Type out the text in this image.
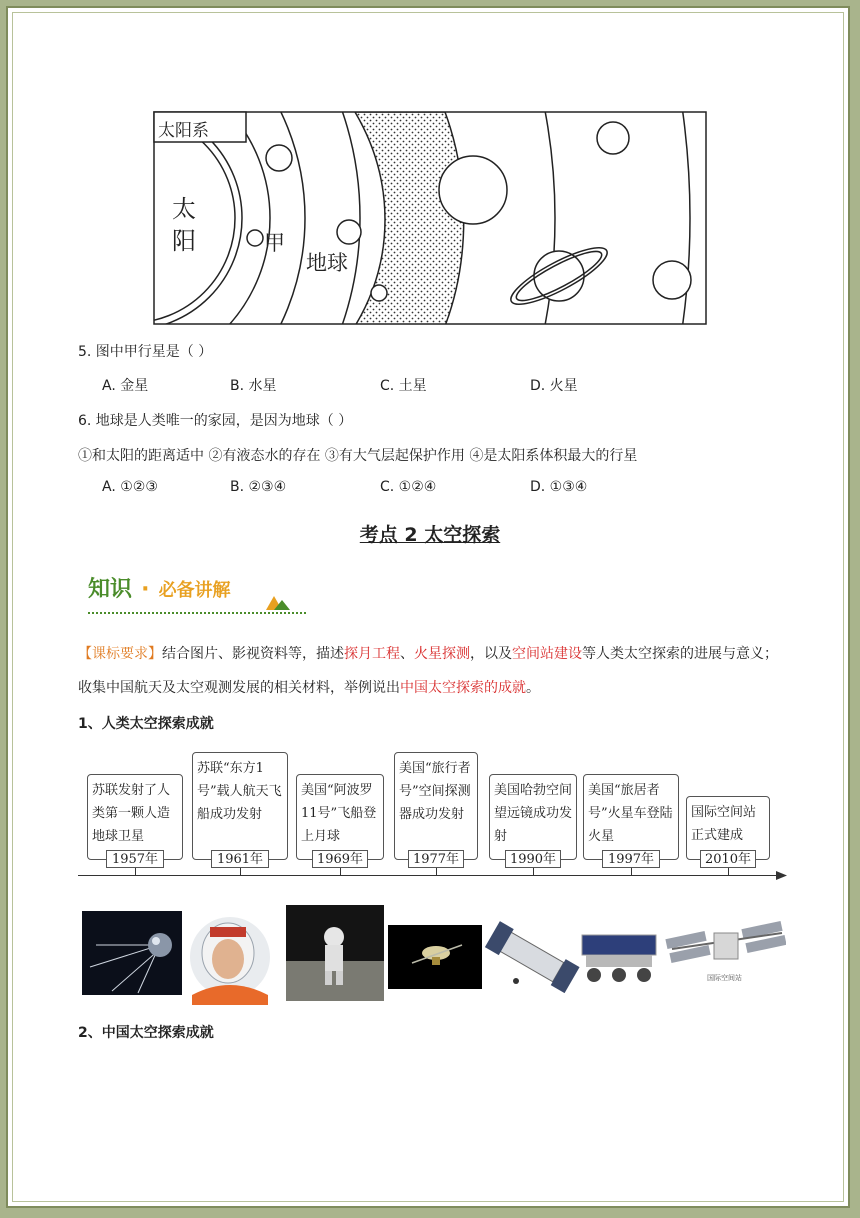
太阳系
太阳	甲
地球
5. 图中甲行星是（ ）
A. 金星	B. 水星	C. 土星	D. 火星
6. 地球是人类唯一的家园，是因为地球（ ）
①和太阳的距离适中 ②有液态水的存在 ③有大气层起保护作用 ④是太阳系体积最大的行星
A. ①②③	B. ②③④	C. ①②④	D. ①③④
考点 2 太空探索
知识 · 必备讲解
【课标要求】结合图片、影视资料等，描述探月工程、火星探测，以及空间站建设等人类太空探索的进展与意义；收集中国航天及太空观测发展的相关材料，举例说出中国太空探索的成就。
1、人类太空探索成就
苏联发射了人类第一颗人造地球卫星
1957年
苏联“东方1号”载人航天飞船成功发射
1961年
美国“阿波罗11号”飞船登上月球
1969年
美国“旅行者号”空间探测器成功发射
1977年
美国哈勃空间望远镜成功发射
1990年
美国“旅居者号”火星车登陆火星
1997年
国际空间站正式建成
2010年
国际空间站
2、中国太空探索成就
